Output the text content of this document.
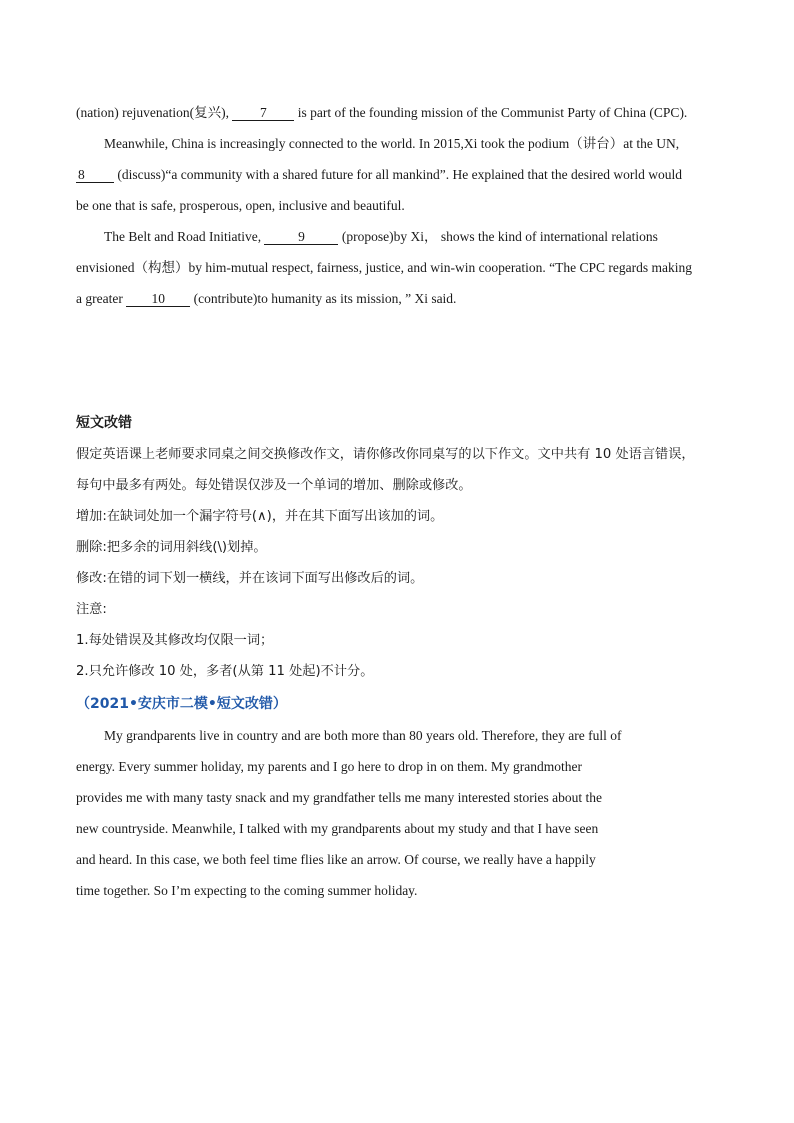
(nation) rejuvenation(复兴), 7 is part of the founding mission of the Communist Party of China (CPC).
Meanwhile, China is increasingly connected to the world. In 2015,Xi took the podium（讲台）at the UN,
8 (discuss)“a community with a shared future for all mankind”. He explained that the desired world would
be one that is safe, prosperous, open, inclusive and beautiful.
The Belt and Road Initiative,	9	(propose)by Xi， shows the kind of international relations
envisioned（构想）by him-mutual respect, fairness, justice, and win-win cooperation. “The CPC regards making
a greater 10 (contribute)to humanity as its mission, ” Xi said.
短文改错
假定英语课上老师要求同桌之间交换修改作文，请你修改你同桌写的以下作文。文中共有 10 处语言错误，
每句中最多有两处。每处错误仅涉及一个单词的增加、删除或修改。
增加:在缺词处加一个漏字符号(∧)，并在其下面写出该加的词。
删除:把多余的词用斜线(\)划掉。
修改:在错的词下划一横线，并在该词下面写出修改后的词。
注意:
1.每处错误及其修改均仅限一词；
2.只允许修改 10 处，多者(从第 11 处起)不计分。
（2021•安庆市二模•短文改错）
My grandparents live in country and are both more than 80 years old. Therefore, they are full of
energy. Every summer holiday, my parents and I go here to drop in on them. My grandmother
provides me with many tasty snack and my grandfather tells me many interested stories about the
new countryside. Meanwhile, I talked with my grandparents about my study and that I have seen
and heard. In this case, we both feel time flies like an arrow. Of course, we really have a happily
time together. So I’m expecting to the coming summer holiday.
